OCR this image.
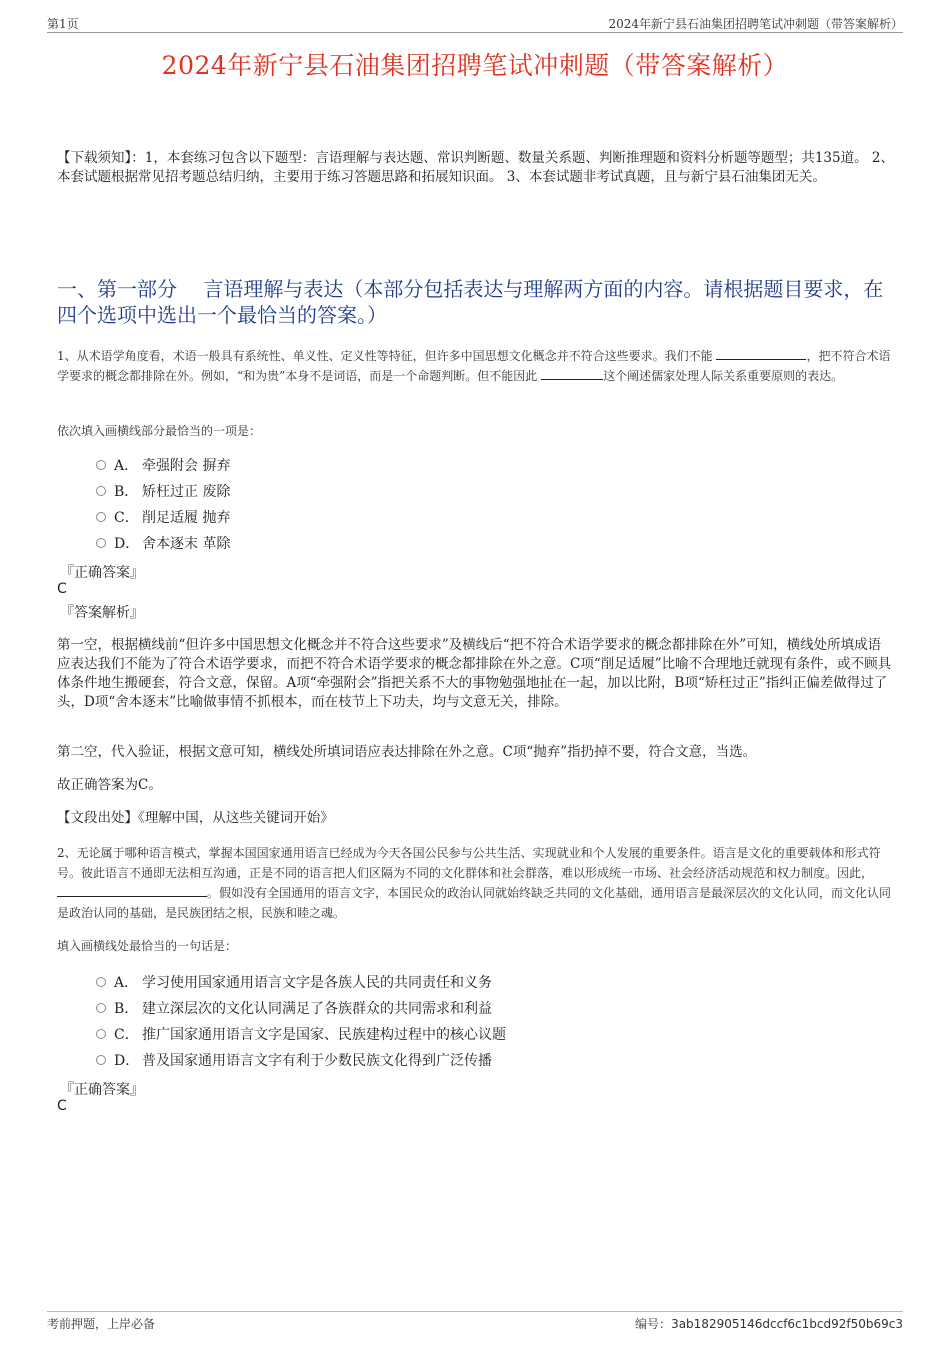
第1页	2024年新宁县石油集团招聘笔试冲刺题（带答案解析）
2024年新宁县石油集团招聘笔试冲刺题（带答案解析）
【下载须知】：1，本套练习包含以下题型：言语理解与表达题、常识判断题、数量关系题、判断推理题和资料分析题等题型；共135道。 2、本套试题根据常见招考题总结归纳，主要用于练习答题思路和拓展知识面。 3、本套试题非考试真题，且与新宁县石油集团无关。
一、第一部分　 言语理解与表达（本部分包括表达与理解两方面的内容。请根据题目要求，在四个选项中选出一个最恰当的答案。）
1、从术语学角度看，术语一般具有系统性、单义性、定义性等特征，但许多中国思想文化概念并不符合这些要求。我们不能	，把不符合术语学要求的概念都排除在外。例如，“和为贵”本身不是词语，而是一个命题判断。但不能因此	这个阐述儒家处理人际关系重要原则的表达。
依次填入画横线部分最恰当的一项是：
A． 牵强附会 摒弃
B． 矫枉过正 废除
C． 削足适履 抛弃
D． 舍本逐末 革除
『正确答案』
C
『答案解析』
第一空，根据横线前“但许多中国思想文化概念并不符合这些要求”及横线后“把不符合术语学要求的概念都排除在外”可知，横线处所填成语应表达我们不能为了符合术语学要求，而把不符合术语学要求的概念都排除在外之意。C项“削足适履”比喻不合理地迁就现有条件，或不顾具体条件地生搬硬套，符合文意，保留。A项“牵强附会”指把关系不大的事物勉强地扯在一起，加以比附，B项“矫枉过正”指纠正偏差做得过了头，D项“舍本逐末”比喻做事情不抓根本，而在枝节上下功夫，均与文意无关，排除。
第二空，代入验证，根据文意可知，横线处所填词语应表达排除在外之意。C项“抛弃”指扔掉不要，符合文意，当选。
故正确答案为C。
【文段出处】《理解中国，从这些关键词开始》
2、无论属于哪种语言模式，掌握本国国家通用语言已经成为今天各国公民参与公共生活、实现就业和个人发展的重要条件。语言是文化的重要载体和形式符号。彼此语言不通即无法相互沟通，正是不同的语言把人们区隔为不同的文化群体和社会群落，难以形成统一市场、社会经济活动规范和权力制度。因此， 。假如没有全国通用的语言文字，本国民众的政治认同就始终缺乏共同的文化基础，通用语言是最深层次的文化认同，而文化认同是政治认同的基础，是民族团结之根，民族和睦之魂。
填入画横线处最恰当的一句话是：
A． 学习使用国家通用语言文字是各族人民的共同责任和义务
B． 建立深层次的文化认同满足了各族群众的共同需求和利益
C． 推广国家通用语言文字是国家、民族建构过程中的核心议题
D． 普及国家通用语言文字有利于少数民族文化得到广泛传播
『正确答案』
C
考前押题，上岸必备	编号：3ab182905146dccf6c1bcd92f50b69c3
